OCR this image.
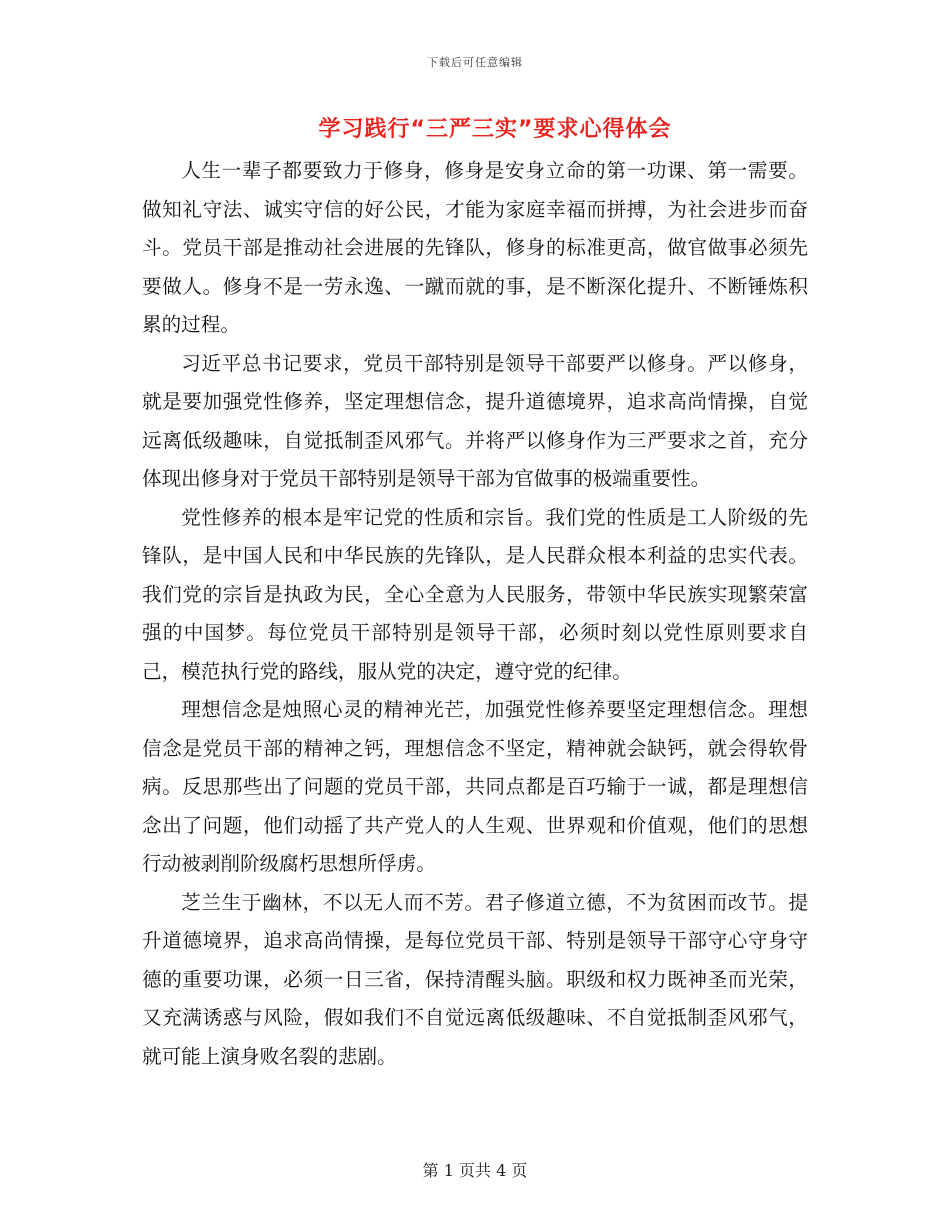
下载后可任意编辑
学习践行“三严三实”要求心得体会

人生一辈子都要致力于修身，修身是安身立命的第一功课、第一需要。做知礼守法、诚实守信的好公民，才能为家庭幸福而拼搏，为社会进步而奋斗。党员干部是推动社会进展的先锋队，修身的标准更高，做官做事必须先要做人。修身不是一劳永逸、一蹴而就的事，是不断深化提升、不断锤炼积累的过程。

习近平总书记要求，党员干部特别是领导干部要严以修身。严以修身，就是要加强党性修养，坚定理想信念，提升道德境界，追求高尚情操，自觉远离低级趣味，自觉抵制歪风邪气。并将严以修身作为三严要求之首，充分体现出修身对于党员干部特别是领导干部为官做事的极端重要性。

党性修养的根本是牢记党的性质和宗旨。我们党的性质是工人阶级的先锋队，是中国人民和中华民族的先锋队，是人民群众根本利益的忠实代表。我们党的宗旨是执政为民，全心全意为人民服务，带领中华民族实现繁荣富强的中国梦。每位党员干部特别是领导干部，必须时刻以党性原则要求自己，模范执行党的路线，服从党的决定，遵守党的纪律。

理想信念是烛照心灵的精神光芒，加强党性修养要坚定理想信念。理想信念是党员干部的精神之钙，理想信念不坚定，精神就会缺钙，就会得软骨病。反思那些出了问题的党员干部，共同点都是百巧输于一诚，都是理想信念出了问题，他们动摇了共产党人的人生观、世界观和价值观，他们的思想行动被剥削阶级腐朽思想所俘虏。

芝兰生于幽林，不以无人而不芳。君子修道立德，不为贫困而改节。提升道德境界，追求高尚情操，是每位党员干部、特别是领导干部守心守身守德的重要功课，必须一日三省，保持清醒头脑。职级和权力既神圣而光荣，又充满诱惑与风险，假如我们不自觉远离低级趣味、不自觉抵制歪风邪气，就可能上演身败名裂的悲剧。

第 1 页共 4 页
